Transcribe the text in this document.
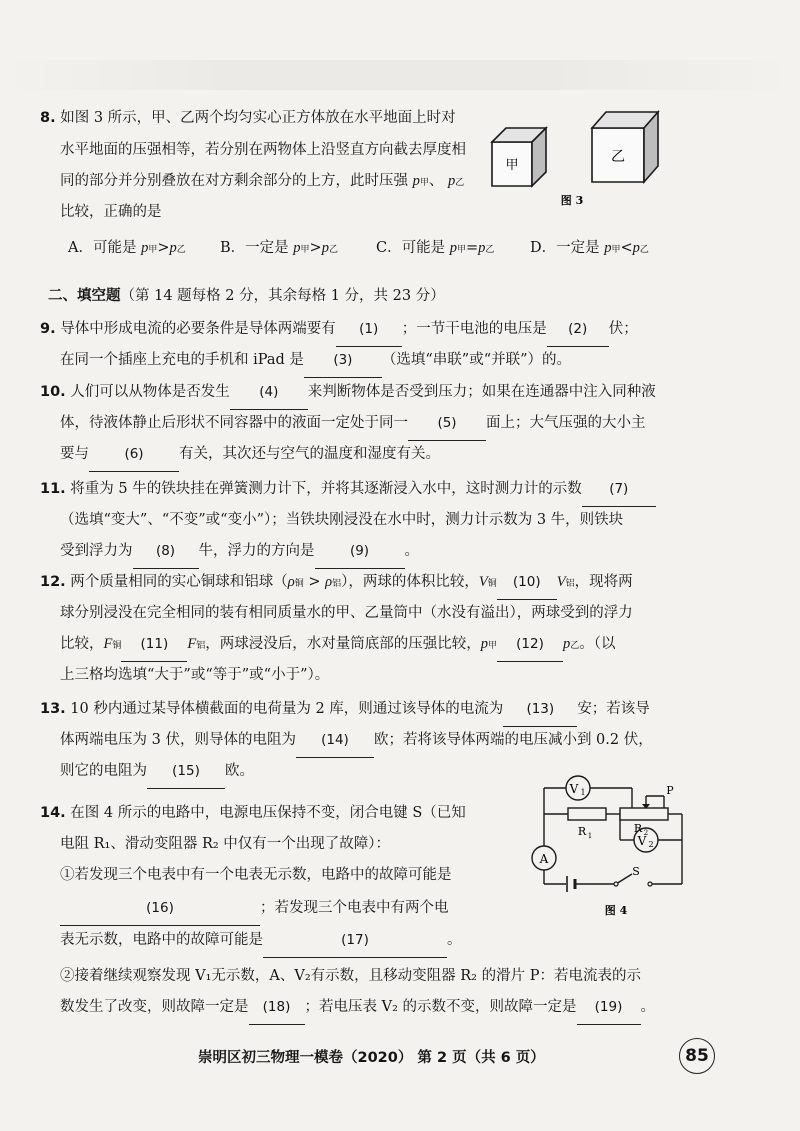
8. 如图 3 所示，甲、乙两个均匀实心正方体放在水平地面上时对
水平地面的压强相等，若分别在两物体上沿竖直方向截去厚度相
同的部分并分别叠放在对方剩余部分的上方，此时压强 p甲、 p乙
比较，正确的是
A．可能是 p甲>p乙 B．一定是 p甲>p乙	C．可能是 p甲=p乙 D．一定是 p甲<p乙
甲
乙
图 3
二、填空题（第 14 题每格 2 分，其余每格 1 分，共 23 分）
9. 导体中形成电流的必要条件是导体两端要有 (1) ；一节干电池的电压是 (2) 伏；
在同一个插座上充电的手机和 iPad 是 (3) （选填“串联”或“并联”）的。
10. 人们可以从物体是否发生 (4) 来判断物体是否受到压力；如果在连通器中注入同种液
体，待液体静止后形状不同容器中的液面一定处于同一 (5) 面上；大气压强的大小主
要与	(6) 有关，其次还与空气的温度和湿度有关。
11. 将重为 5 牛的铁块挂在弹簧测力计下，并将其逐渐浸入水中，这时测力计的示数 (7)
（选填“变大”、“不变”或“变小”）；当铁块刚浸没在水中时，测力计示数为 3 牛，则铁块
受到浮力为 (8) 牛，浮力的方向是	(9) 。
12. 两个质量相同的实心铜球和铝球（ρ铜 > ρ铝），两球的体积比较，V铜 (10) V铝，现将两
球分别浸没在完全相同的装有相同质量水的甲、乙量筒中（水没有溢出），两球受到的浮力
比较，F铜 (11) F铝，两球浸没后，水对量筒底部的压强比较，p甲 (12) p乙。（以
上三格均选填“大于”或“等于”或“小于”）。
13. 10 秒内通过某导体横截面的电荷量为 2 库，则通过该导体的电流为 (13) 安；若该导
体两端电压为 3 伏，则导体的电阻为 (14) 欧；若将该导体两端的电压减小到 0.2 伏，
则它的电阻为 (15) 欧。
14. 在图 4 所示的电路中，电源电压保持不变，闭合电键 S（已知
电阻 R₁、滑动变阻器 R₂ 中仅有一个出现了故障）：
①若发现三个电表中有一个电表无示数，电路中的故障可能是
(16)	；若发现三个电表中有两个电
表无示数，电路中的故障可能是	(17)	。
②接着继续观察发现 V₁无示数，A、V₂有示数，且移动变阻器 R₂ 的滑片 P：若电流表的示
数发生了改变，则故障一定是 (18) ；若电压表 V₂ 的示数不变，则故障一定是 (19) 。
V 1
V 2
A
R 1
R 2
P
S
图 4
崇明区初三物理一模卷（2020） 第 2 页（共 6 页）	85
